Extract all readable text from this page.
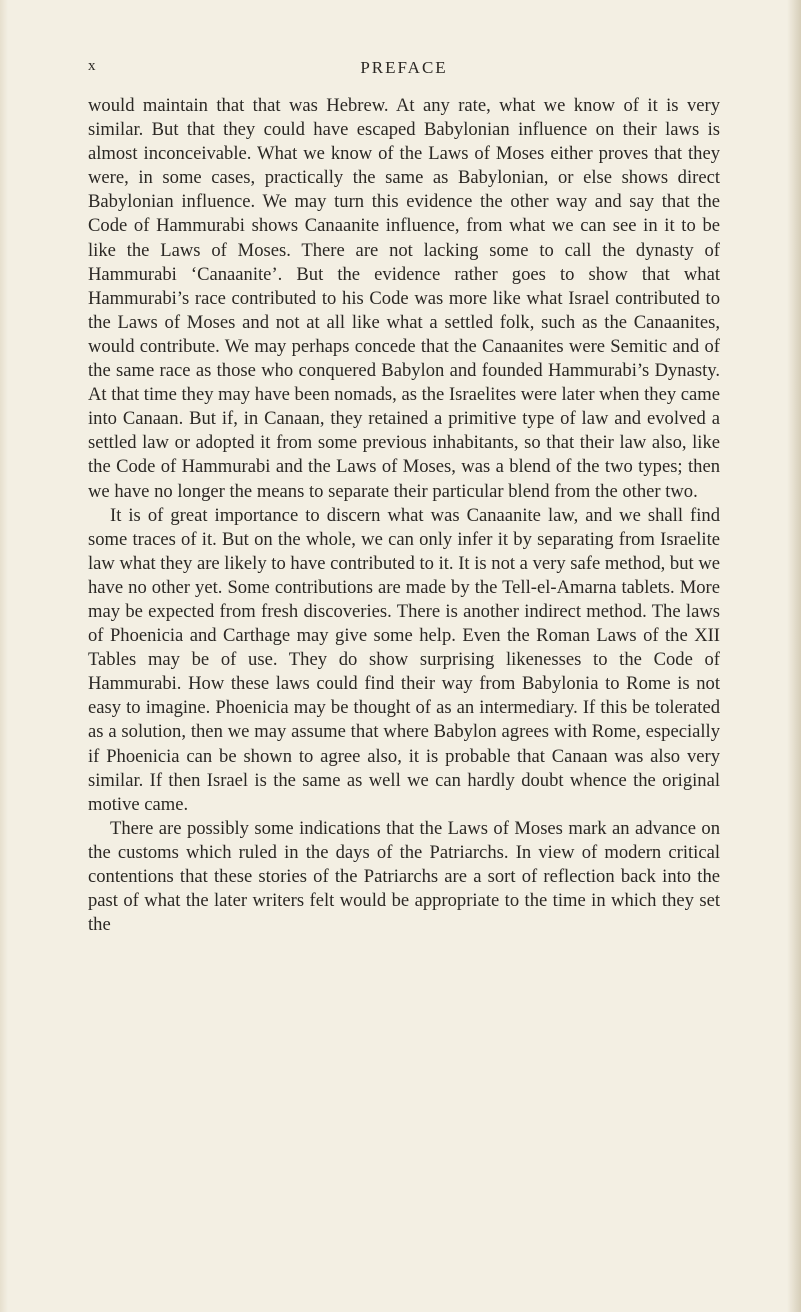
x	PREFACE

would maintain that that was Hebrew. At any rate, what we know of it is very similar. But that they could have escaped Babylonian influence on their laws is almost inconceivable. What we know of the Laws of Moses either proves that they were, in some cases, practically the same as Babylonian, or else shows direct Babylonian influence. We may turn this evidence the other way and say that the Code of Hammurabi shows Canaanite influence, from what we can see in it to be like the Laws of Moses. There are not lacking some to call the dynasty of Hammurabi ‘Canaanite’. But the evidence rather goes to show that what Hammurabi’s race contributed to his Code was more like what Israel contributed to the Laws of Moses and not at all like what a settled folk, such as the Canaanites, would contribute. We may perhaps concede that the Canaanites were Semitic and of the same race as those who conquered Babylon and founded Hammurabi’s Dynasty. At that time they may have been nomads, as the Israelites were later when they came into Canaan. But if, in Canaan, they retained a primitive type of law and evolved a settled law or adopted it from some previous inhabitants, so that their law also, like the Code of Hammurabi and the Laws of Moses, was a blend of the two types; then we have no longer the means to separate their particular blend from the other two.

It is of great importance to discern what was Canaanite law, and we shall find some traces of it. But on the whole, we can only infer it by separating from Israelite law what they are likely to have contributed to it. It is not a very safe method, but we have no other yet. Some contributions are made by the Tell-el-Amarna tablets. More may be expected from fresh discoveries. There is another indirect method. The laws of Phoenicia and Carthage may give some help. Even the Roman Laws of the XII Tables may be of use. They do show surprising likenesses to the Code of Hammurabi. How these laws could find their way from Babylonia to Rome is not easy to imagine. Phoenicia may be thought of as an intermediary. If this be tolerated as a solution, then we may assume that where Babylon agrees with Rome, especially if Phoenicia can be shown to agree also, it is probable that Canaan was also very similar. If then Israel is the same as well we can hardly doubt whence the original motive came.

There are possibly some indications that the Laws of Moses mark an advance on the customs which ruled in the days of the Patriarchs. In view of modern critical contentions that these stories of the Patriarchs are a sort of reflection back into the past of what the later writers felt would be appropriate to the time in which they set the
